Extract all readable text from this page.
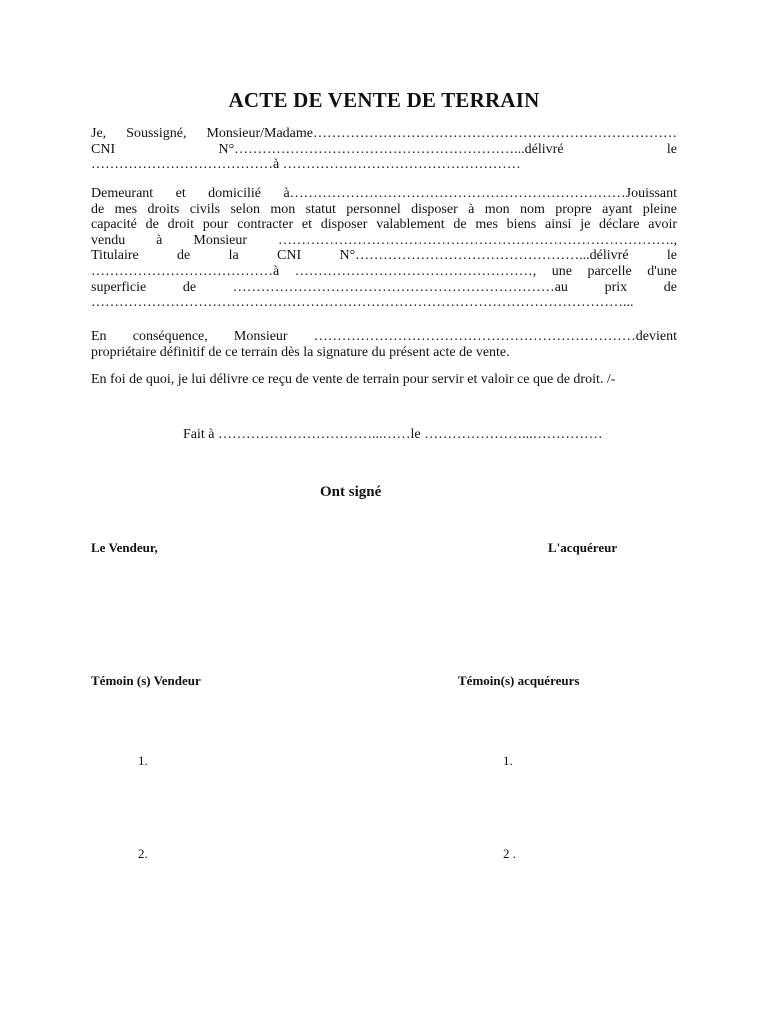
ACTE DE VENTE DE TERRAIN
Je, Soussigné, Monsieur/Madame……………………………………………………………………
CNI N°……………………………………………………...délivré le
…………………………………à ……………………………………………
Demeurant et domicilié à………………………………………………………………Jouissant
de mes droits civils selon mon statut personnel disposer à mon nom propre ayant pleine
capacité de droit pour contracter et disposer valablement de mes biens ainsi je déclare avoir
vendu à Monsieur ………………………………………………………………………….,
Titulaire de la CNI N°…………………………………………...délivré le
…………………………………à ……………………………………………, une parcelle d'une
superficie de ……………………………………………………………au prix de
……………………………………………………………………………………………………...
En conséquence, Monsieur ……………………………………………………………devient
propriétaire définitif de ce terrain dès la signature du présent acte de vente.
En foi de quoi, je lui délivre ce reçu de vente de terrain pour servir et valoir ce que de droit. /-
Fait à ……………………………...……le …………………...……………
Ont signé
Le Vendeur,	L'acquéreur
Témoin (s) Vendeur	Témoin(s) acquéreurs
1.	1.
2.	2 .
